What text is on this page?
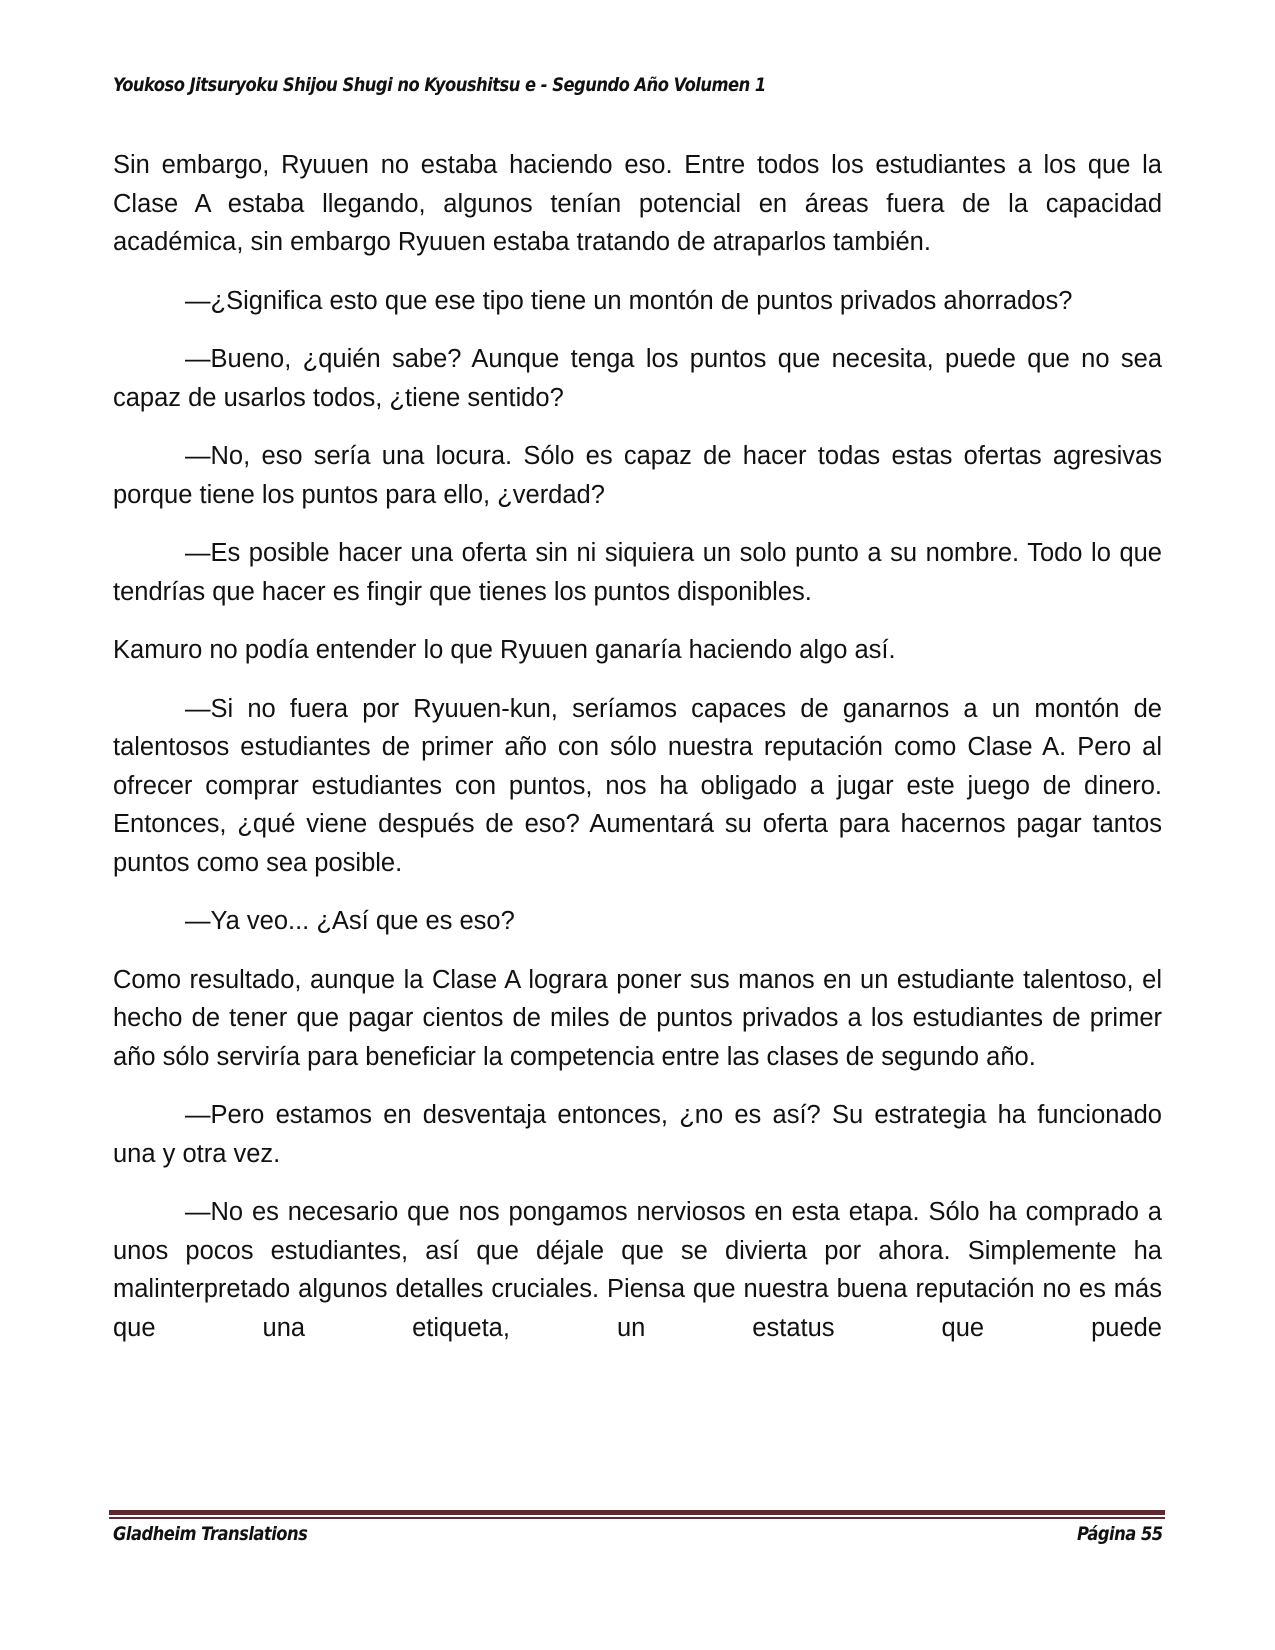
Youkoso Jitsuryoku Shijou Shugi no Kyoushitsu e - Segundo Año Volumen 1

Sin embargo, Ryuuen no estaba haciendo eso. Entre todos los estudiantes a los que la Clase A estaba llegando, algunos tenían potencial en áreas fuera de la capacidad académica, sin embargo Ryuuen estaba tratando de atraparlos también.

—¿Significa esto que ese tipo tiene un montón de puntos privados ahorrados?

—Bueno, ¿quién sabe? Aunque tenga los puntos que necesita, puede que no sea capaz de usarlos todos, ¿tiene sentido?

—No, eso sería una locura. Sólo es capaz de hacer todas estas ofertas agresivas porque tiene los puntos para ello, ¿verdad?

—Es posible hacer una oferta sin ni siquiera un solo punto a su nombre. Todo lo que tendrías que hacer es fingir que tienes los puntos disponibles.

Kamuro no podía entender lo que Ryuuen ganaría haciendo algo así.

—Si no fuera por Ryuuen-kun, seríamos capaces de ganarnos a un montón de talentosos estudiantes de primer año con sólo nuestra reputación como Clase A. Pero al ofrecer comprar estudiantes con puntos, nos ha obligado a jugar este juego de dinero. Entonces, ¿qué viene después de eso? Aumentará su oferta para hacernos pagar tantos puntos como sea posible.

—Ya veo... ¿Así que es eso?

Como resultado, aunque la Clase A lograra poner sus manos en un estudiante talentoso, el hecho de tener que pagar cientos de miles de puntos privados a los estudiantes de primer año sólo serviría para beneficiar la competencia entre las clases de segundo año.

—Pero estamos en desventaja entonces, ¿no es así? Su estrategia ha funcionado una y otra vez.

—No es necesario que nos pongamos nerviosos en esta etapa. Sólo ha comprado a unos pocos estudiantes, así que déjale que se divierta por ahora. Simplemente ha malinterpretado algunos detalles cruciales. Piensa que nuestra buena reputación no es más que una etiqueta, un estatus que puede

Gladheim Translations	Página 55
